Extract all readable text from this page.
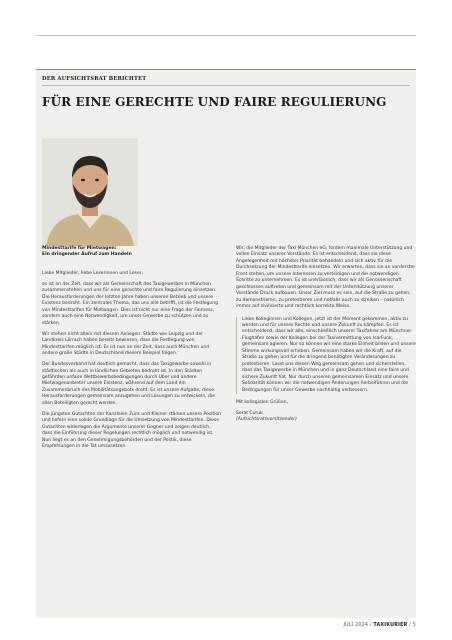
DER AUFSICHTSRAT BERICHTET
FÜR EINE GERECHTE UND FAIRE REGULIERUNG

Mindesttarife für Mietwagen:
Ein dringender Aufruf zum Handeln

Liebe Mitglieder, liebe Leserinnen und Leser,

es ist an der Zeit, dass wir als Gemeinschaft des Taxigewerbes in München zusammenstehen und uns für eine gerechte und faire Regulierung einsetzen. Die Herausforderungen der letzten Jahre haben unseren Betrieb und unsere Existenz bedroht. Ein zentrales Thema, das uns alle betrifft, ist die Festlegung von Mindesttarifen für Mietwagen. Dies ist nicht nur eine Frage der Fairness, sondern auch eine Notwendigkeit, um unser Gewerbe zu schützen und zu stärken.

Wir stehen nicht allein mit diesem Anliegen. Städte wie Leipzig und der Landkreis Lörrach haben bereits bewiesen, dass die Festlegung von Mindesttarifen möglich ist. Es ist nun an der Zeit, dass auch München und andere große Städte in Deutschland diesem Beispiel folgen.

Der Bundesverband hat deutlich gemacht, dass das Taxigewerbe sowohl in städtischen als auch in ländlichen Gebieten bedroht ist. In den Städten gefährden unfaire Wettbewerbsbedingungen durch Uber und andere Mietwagenanbieter unsere Existenz, während auf dem Land ein Zusammenbruch des Mobilitätsangebots droht. Es ist unsere Aufgabe, diese Herausforderungen gemeinsam anzugehen und Lösungen zu entwickeln, die allen Beteiligten gerecht werden.

Die jüngsten Gutachten der Kanzleien Zuck und Kleiner stärken unsere Position und liefern eine solide Grundlage für die Umsetzung von Mindesttarifen. Diese Gutachten widerlegen die Argumente unserer Gegner und zeigen deutlich, dass die Einführung dieser Regelungen rechtlich möglich und notwendig ist. Nun liegt es an den Genehmigungsbehörden und der Politik, diese Empfehlungen in die Tat umzusetzen.

Wir, die Mitglieder der Taxi München eG, fordern maximale Unterstützung und vollen Einsatz unserer Vorstände. Es ist entscheidend, dass sie diese Angelegenheit mit höchster Priorität behandeln und sich aktiv für die Durchsetzung der Mindesttarife einsetzen. Wir erwarten, dass sie an vorderster Front stehen, um unsere Interessen zu verteidigen und die notwendigen Schritte zu unternehmen. Es ist unerlässlich, dass wir als Genossenschaft geschlossen auftreten und gemeinsam mit der Unterstützung unserer Vorstände Druck aufbauen. Unser Ziel muss es sein, auf die Straße zu gehen, zu demonstrieren, zu protestieren und notfalls auch zu streiken – natürlich immer auf zivilisierte und rechtlich korrekte Weise.

Liebe Kolleginnen und Kollegen, jetzt ist der Moment gekommen, aktiv zu werden und für unsere Rechte und unsere Zukunft zu kämpfen. Es ist entscheidend, dass wir alle, einschließlich unserer Taxifahrer am Münchner Flughafen sowie der Kollegen bei der Taxivermittlung von IsarFunk, gemeinsam agieren. Nur so können wir eine starke Einheit bilden und unsere Stimme wirkungsvoll erheben. Gemeinsam haben wir die Kraft, auf die Straße zu gehen und für die dringend benötigten Veränderungen zu protestieren. Lasst uns diesen Weg gemeinsam gehen und sicherstellen, dass das Taxigewerbe in München und in ganz Deutschland eine faire und sichere Zukunft hat. Nur durch unseren gemeinsamen Einsatz und unsere Solidarität können wir die notwendigen Änderungen herbeiführen und die Bedingungen für unser Gewerbe nachhaltig verbessern.

Mit kollegialen Grüßen,

Serat Curuk

(Aufsichtsratsvorsitzender)

JULI 2024 / TAXIKURIER / 5
